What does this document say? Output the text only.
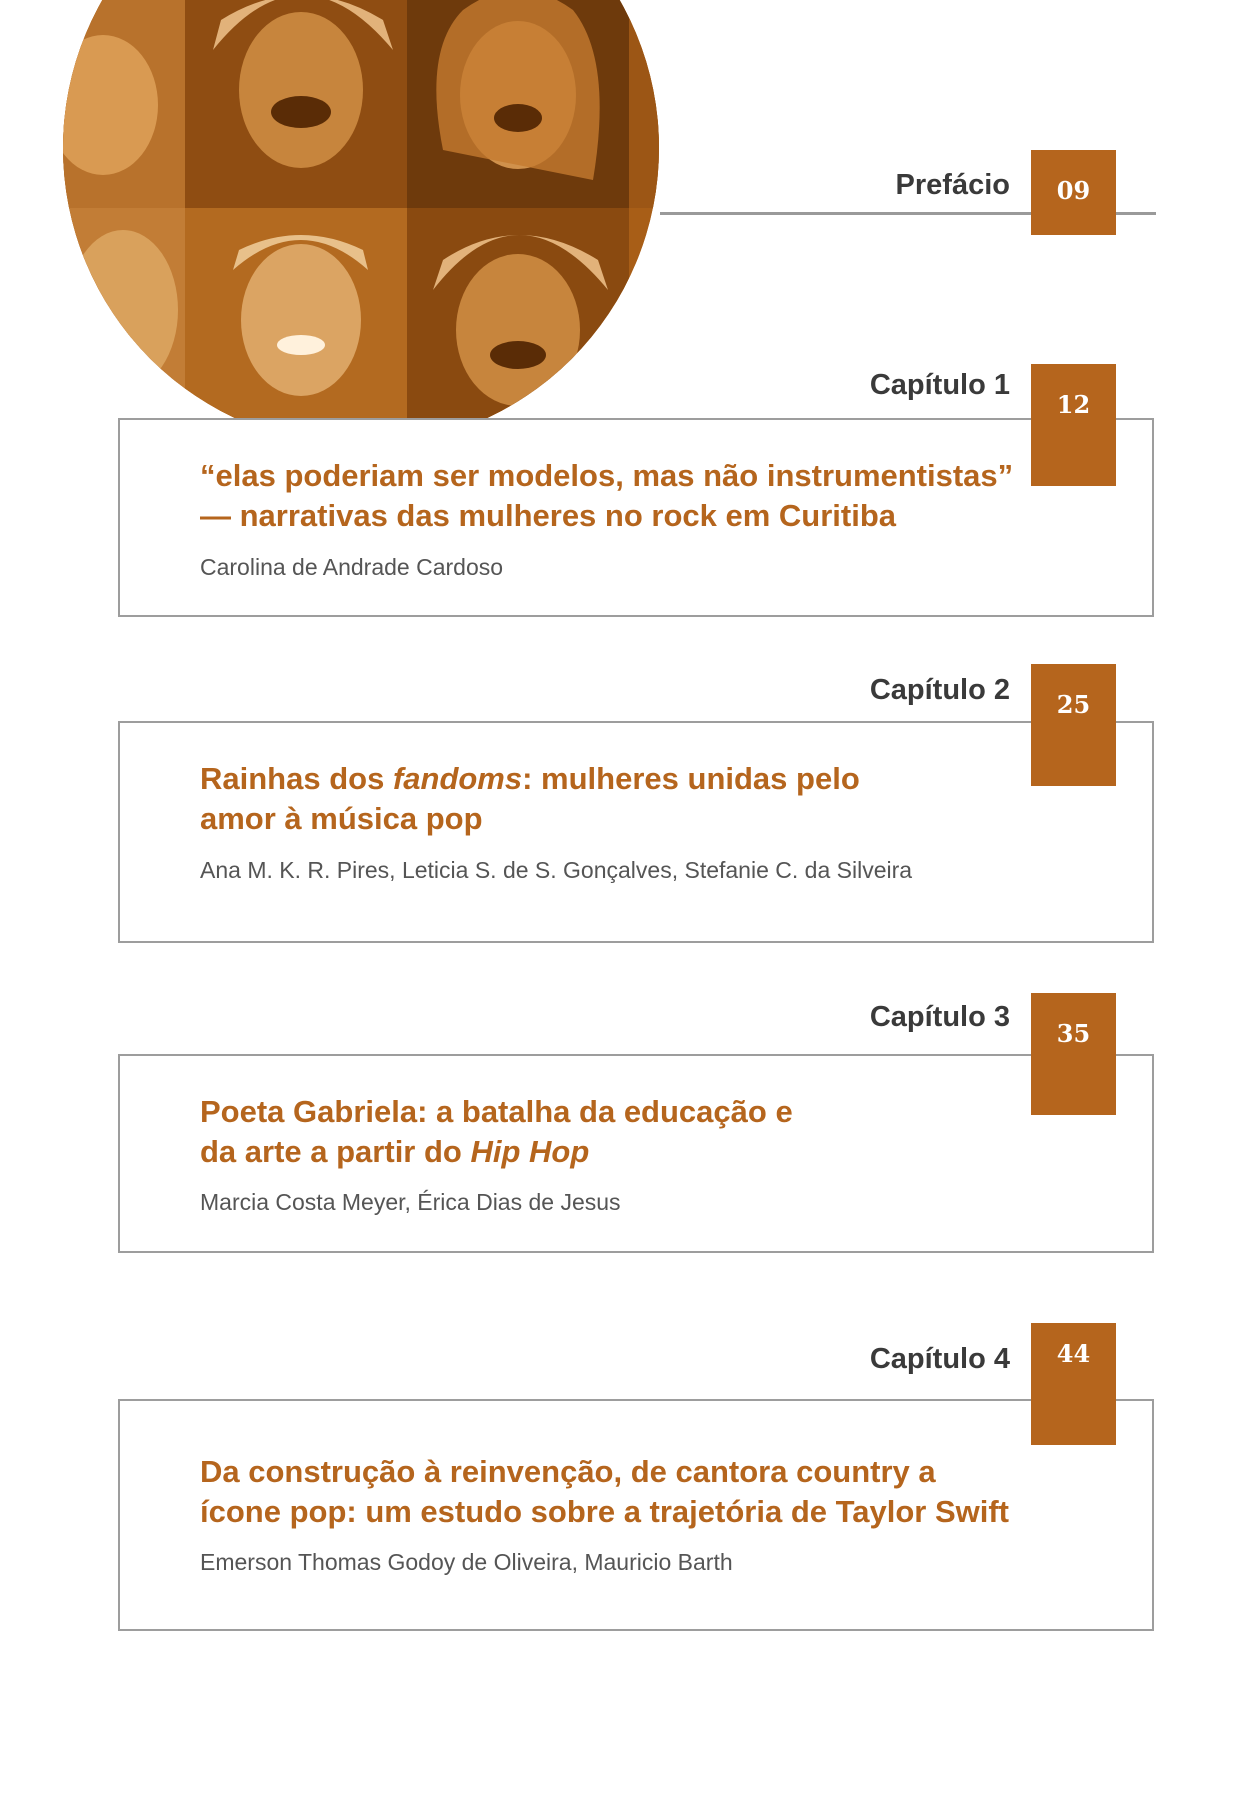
Prefácio	09
Capítulo 1
“elas poderiam ser modelos, mas não instrumentistas”
— narrativas das mulheres no rock em Curitiba
Carolina de Andrade Cardoso
12
Capítulo 2
Rainhas dos fandoms: mulheres unidas pelo
amor à música pop
Ana M. K. R. Pires, Leticia S. de S. Gonçalves, Stefanie C. da Silveira
25
Capítulo 3
Poeta Gabriela: a batalha da educação e
da arte a partir do Hip Hop
Marcia Costa Meyer, Érica Dias de Jesus
35
Capítulo 4
Da construção à reinvenção, de cantora country a
ícone pop: um estudo sobre a trajetória de Taylor Swift
Emerson Thomas Godoy de Oliveira, Mauricio Barth
44
